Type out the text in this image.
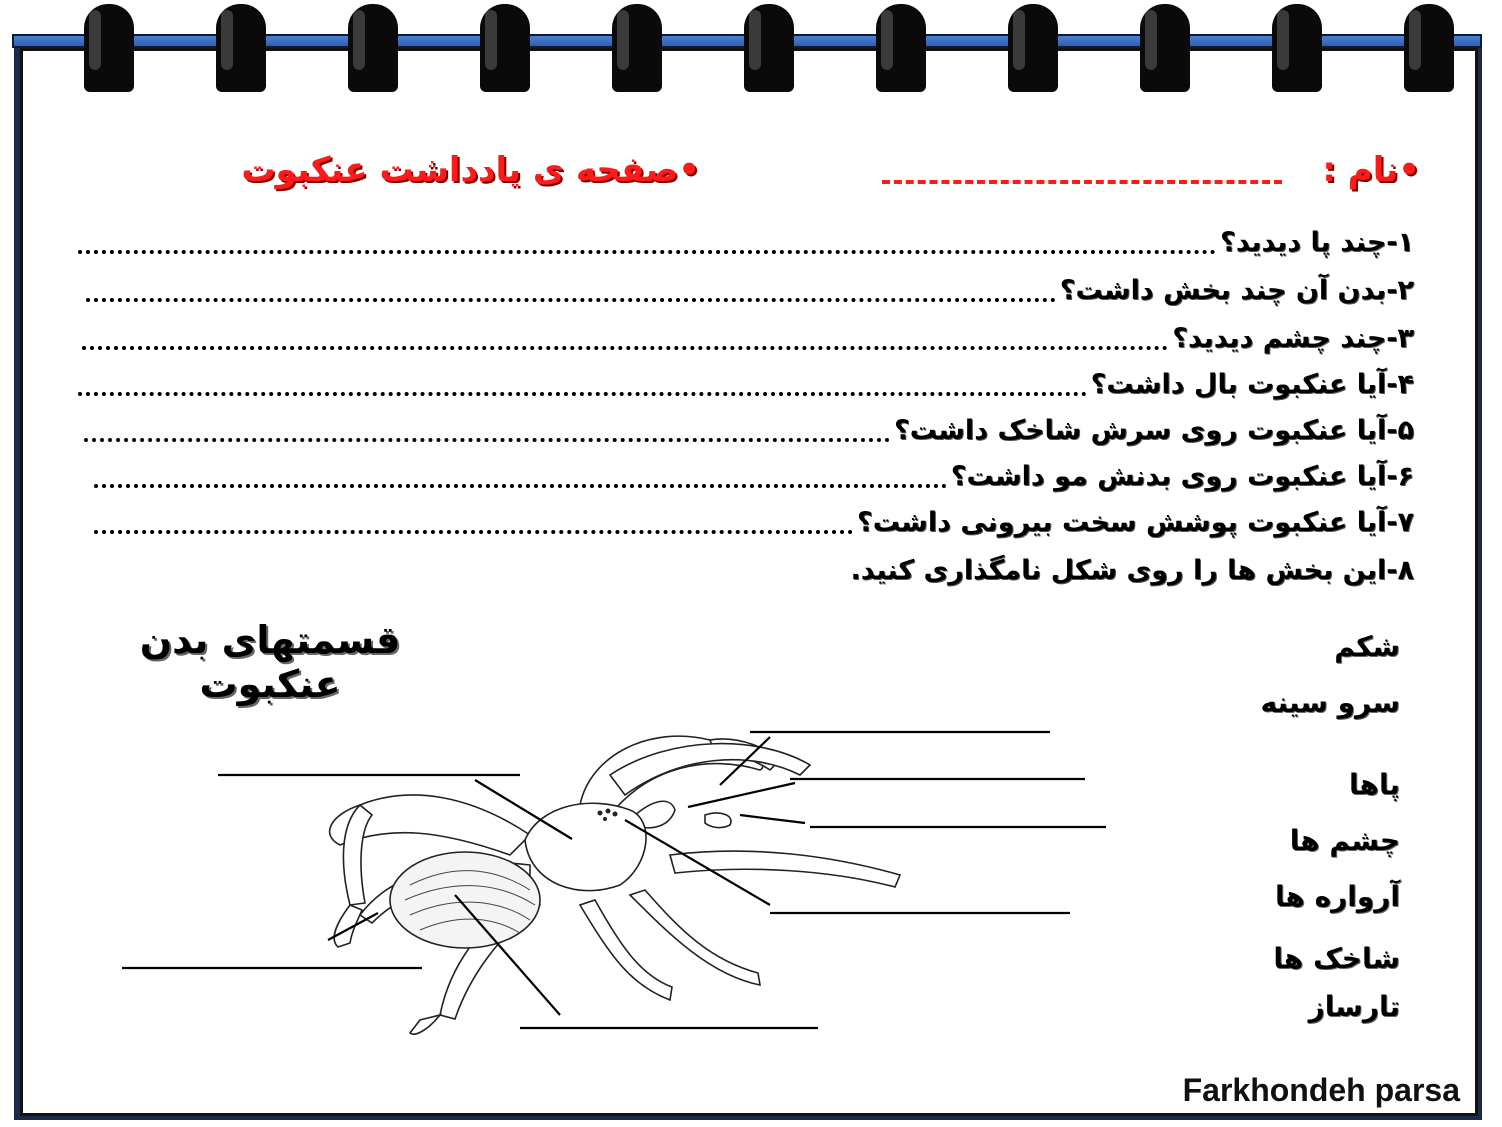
•صفحه ی یادداشت عنکبوت	•نام :
۱-چند پا دیدید؟
۲-بدن آن چند بخش داشت؟
۳-چند چشم دیدید؟
۴-آیا عنکبوت بال داشت؟
۵-آیا عنکبوت روی سرش شاخک داشت؟
۶-آیا عنکبوت روی بدنش مو داشت؟
۷-آیا عنکبوت پوشش سخت بیرونی داشت؟
۸-این بخش ها را روی شکل نامگذاری کنید.
قسمتهای بدن عنکبوت
شکم
سرو سینه
پاها
چشم ها
آرواره ها
شاخک ها
تارساز
Farkhondeh parsa
